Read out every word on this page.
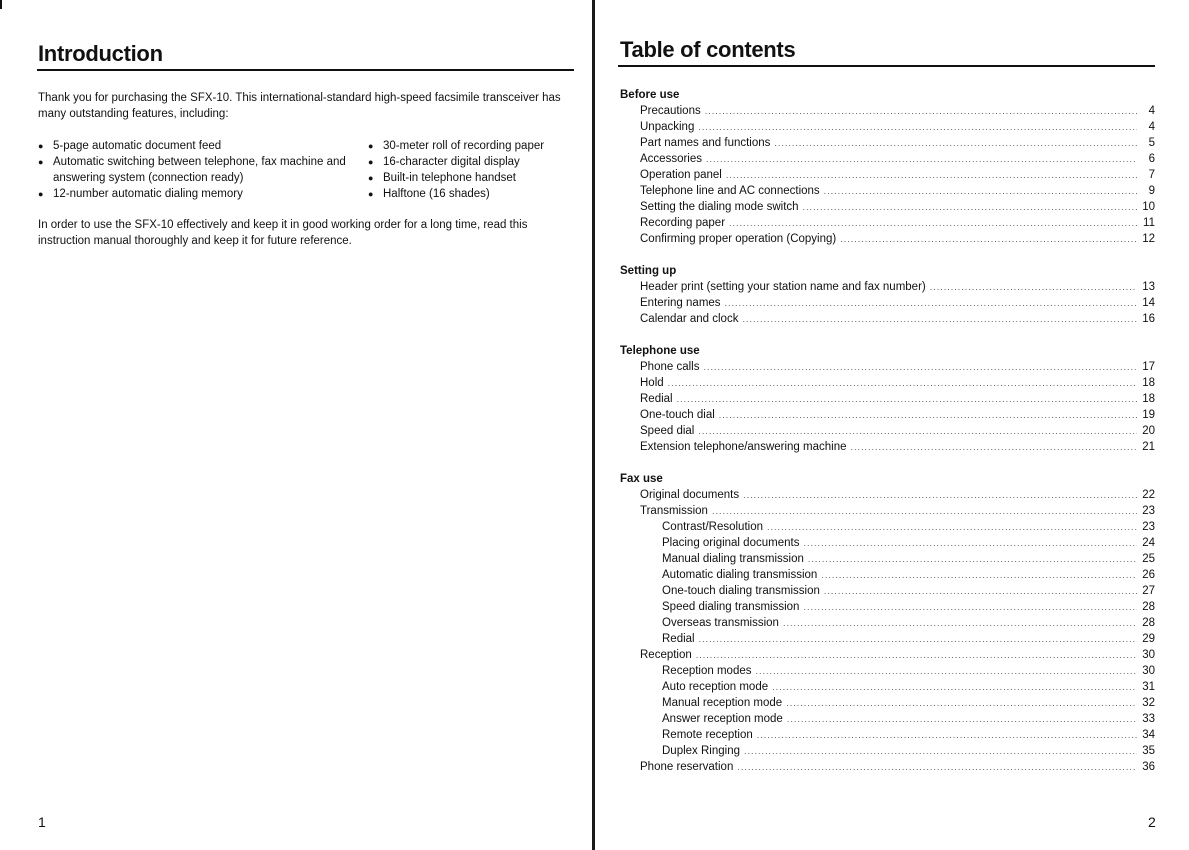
Introduction
Thank you for purchasing the SFX-10. This international-standard high-speed facsimile transceiver has many outstanding features, including:
● 5-page automatic document feed
● Automatic switching between telephone, fax machine and answering system (connection ready)
● 12-number automatic dialing memory
● 30-meter roll of recording paper
● 16-character digital display
● Built-in telephone handset
● Halftone (16 shades)
In order to use the SFX-10 effectively and keep it in good working order for a long time, read this instruction manual thoroughly and keep it for future reference.
1
Table of contents
Before use
Precautions .....	4
Unpacking .....	4
Part names and functions .....	5
Accessories .....	6
Operation panel .....	7
Telephone line and AC connections .....	9
Setting the dialing mode switch .....	10
Recording paper .....	11
Confirming proper operation (Copying) .....	12
Setting up
Header print (setting your station name and fax number) .....	13
Entering names .....	14
Calendar and clock .....	16
Telephone use
Phone calls .....	17
Hold .....	18
Redial .....	18
One-touch dial .....	19
Speed dial .....	20
Extension telephone/answering machine .....	21
Fax use
Original documents .....	22
Transmission .....	23
Contrast/Resolution .....	23
Placing original documents .....	24
Manual dialing transmission .....	25
Automatic dialing transmission .....	26
One-touch dialing transmission .....	27
Speed dialing transmission .....	28
Overseas transmission .....	28
Redial .....	29
Reception .....	30
Reception modes .....	30
Auto reception mode .....	31
Manual reception mode .....	32
Answer reception mode .....	33
Remote reception .....	34
Duplex Ringing .....	35
Phone reservation .....	36
2
